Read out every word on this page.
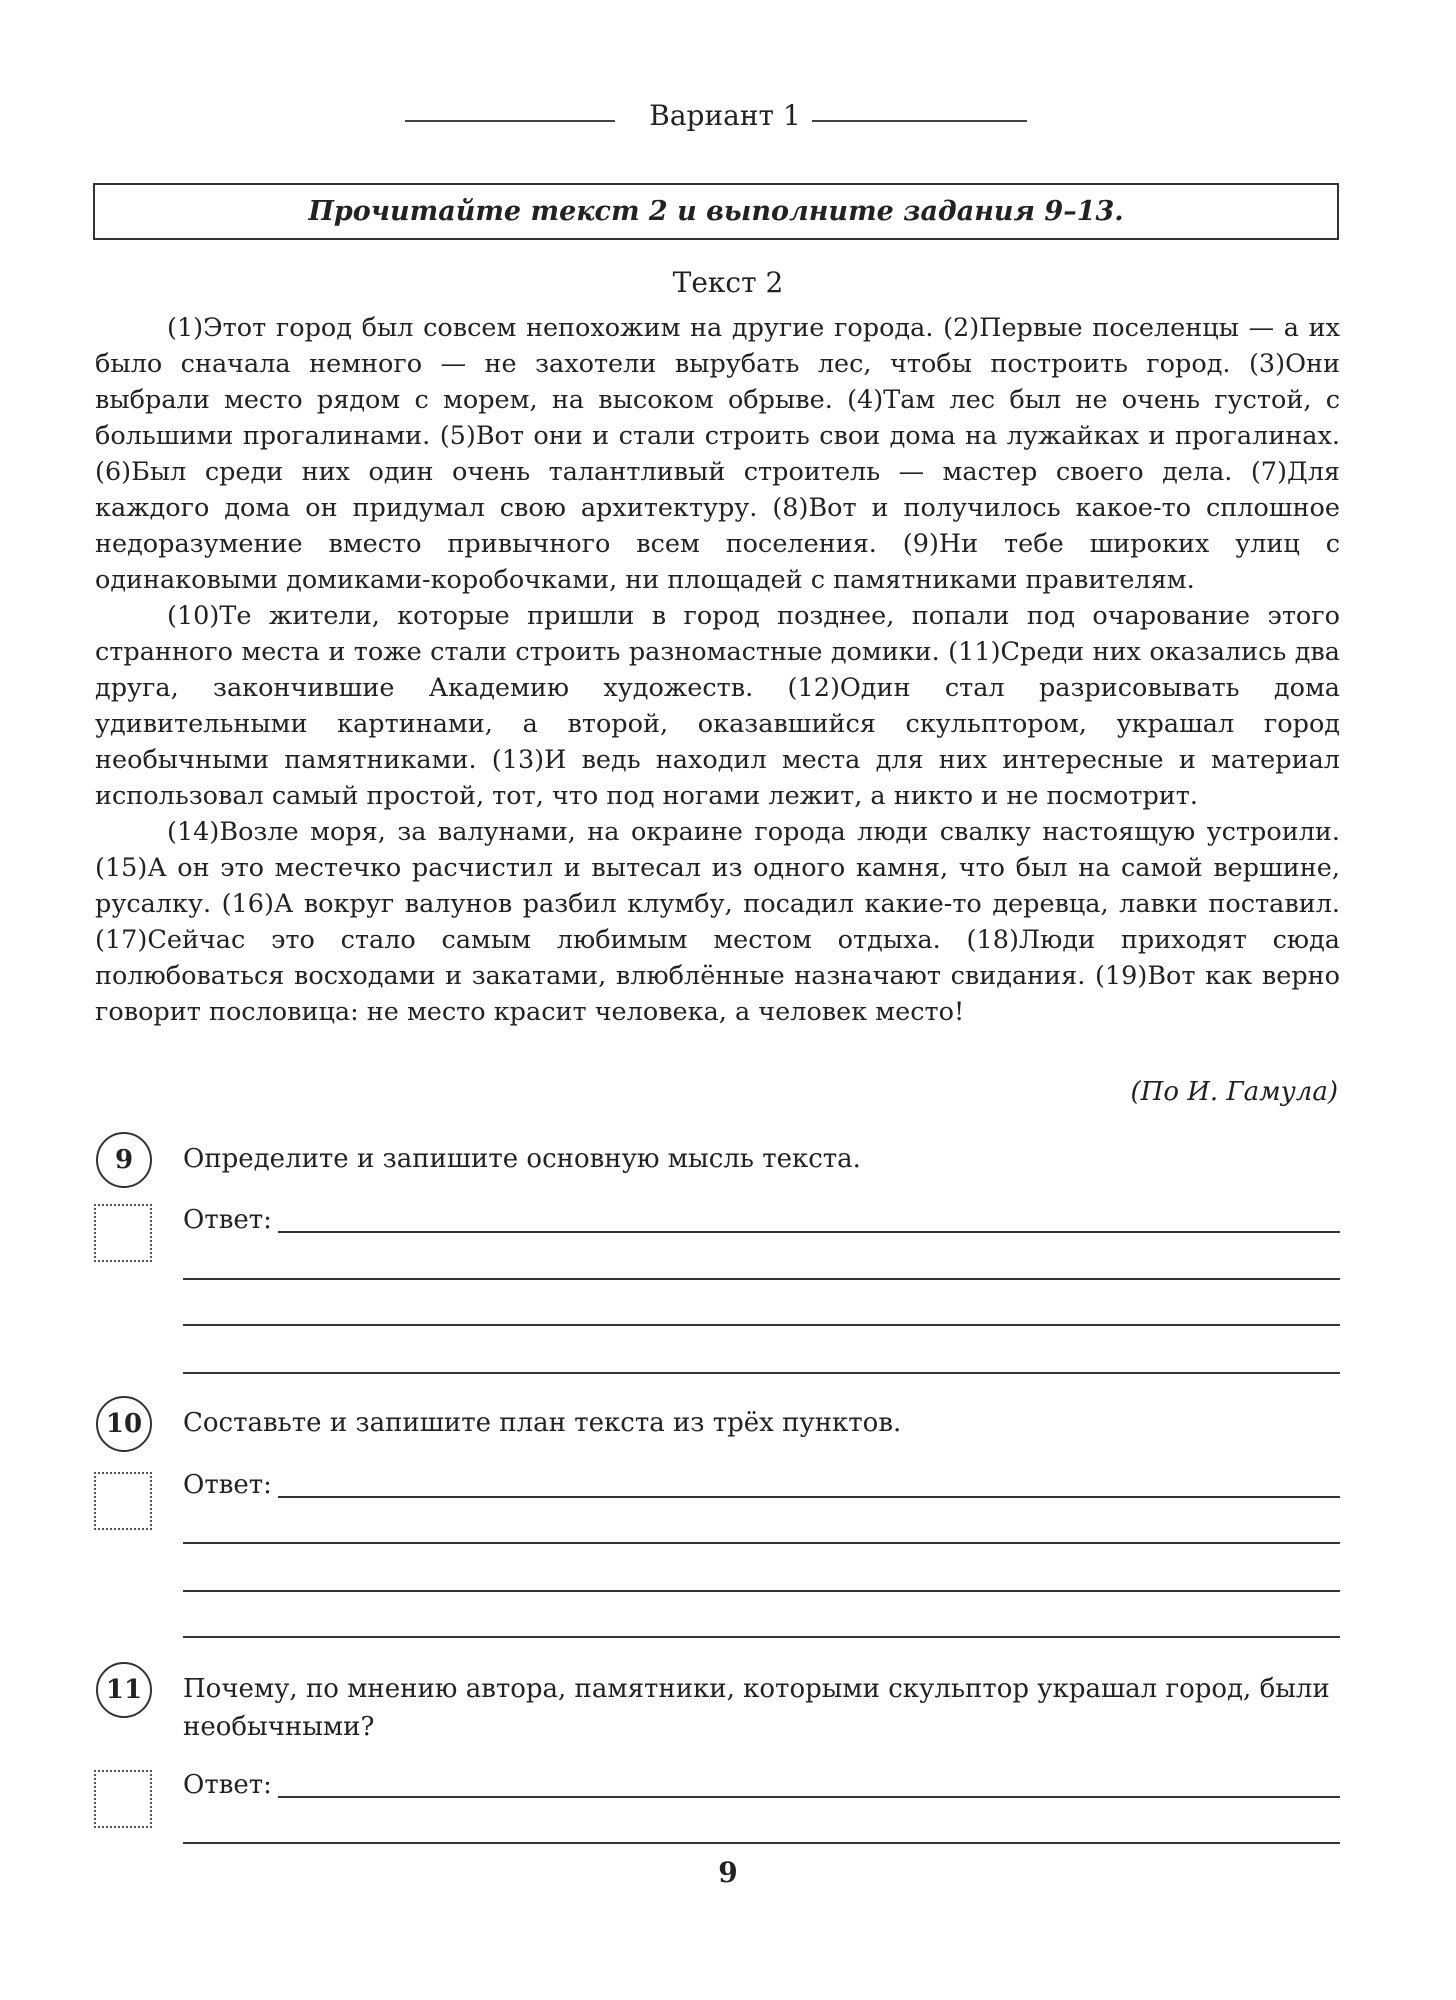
Вариант 1
Прочитайте текст 2 и выполните задания 9–13.
Текст 2

(1)Этот город был совсем непохожим на другие города. (2)Первые поселенцы — а их было сначала немного — не захотели вырубать лес, чтобы построить город. (3)Они выбрали место рядом с морем, на высоком обрыве. (4)Там лес был не очень густой, с большими прогалинами. (5)Вот они и стали строить свои дома на лужайках и прогалинах. (6)Был среди них один очень талантливый строитель — мастер своего дела. (7)Для каждого дома он придумал свою архитектуру. (8)Вот и получилось какое-то сплошное недоразумение вместо привычного всем поселения. (9)Ни тебе широких улиц с одинаковыми домиками-коробочками, ни площадей с памятниками правителям.

(10)Те жители, которые пришли в город позднее, попали под очарование этого странного места и тоже стали строить разномастные домики. (11)Среди них оказались два друга, закончившие Академию художеств. (12)Один стал разрисовывать дома удивительными картинами, а второй, оказавшийся скульптором, украшал город необычными памятниками. (13)И ведь находил места для них интересные и материал использовал самый простой, тот, что под ногами лежит, а никто и не посмотрит.

(14)Возле моря, за валунами, на окраине города люди свалку настоящую устроили. (15)А он это местечко расчистил и вытесал из одного камня, что был на самой вершине, русалку. (16)А вокруг валунов разбил клумбу, посадил какие-то деревца, лавки поставил. (17)Сейчас это стало самым любимым местом отдыха. (18)Люди приходят сюда полюбоваться восходами и закатами, влюблённые назначают свидания. (19)Вот как верно говорит пословица: не место красит человека, а человек место!

(По И. Гамула)
9	Определите и запишите основную мысль текста.
Ответ:
10	Составьте и запишите план текста из трёх пунктов.
Ответ:
11	Почему, по мнению автора, памятники, которыми скульптор украшал город, были необычными?
Ответ:
9
